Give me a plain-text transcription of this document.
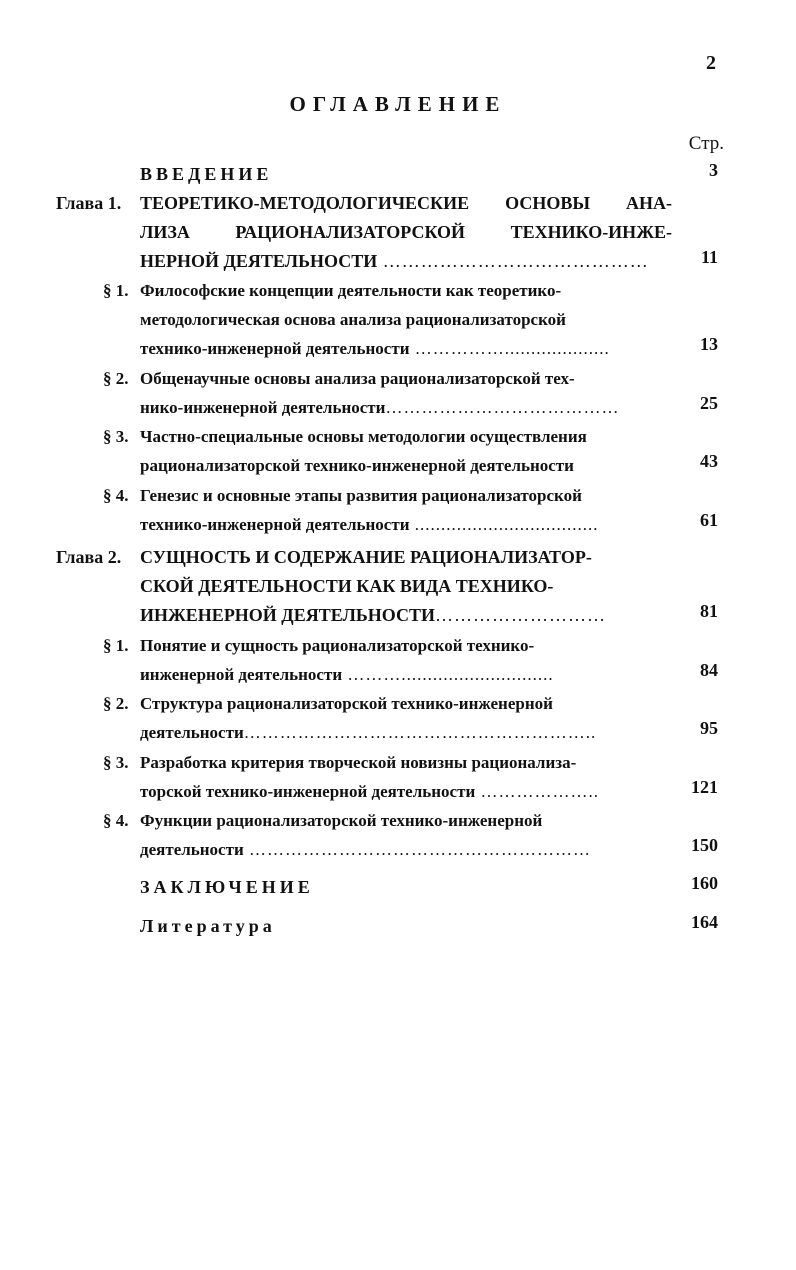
2
ОГЛАВЛЕНИЕ
Стр.
ВВЕДЕНИЕ	3
Глава 1. ТЕОРЕТИКО-МЕТОДОЛОГИЧЕСКИЕ ОСНОВЫ АНА-
ЛИЗА РАЦИОНАЛИЗАТОРСКОЙ ТЕХНИКО-ИНЖЕ-
НЕРНОЙ ДЕЯТЕЛЬНОСТИ ……………………………………	11
§ 1. Философские концепции деятельности как теоретико-
методологическая основа анализа рационализаторской
технико-инженерной деятельности ……………....................	13
§ 2. Общенаучные основы анализа рационализаторской тех-
нико-инженерной деятельности…………………………………	25
§ 3. Частно-специальные основы методологии осуществления
рационализаторской технико-инженерной деятельности	43
§ 4. Генезис и основные этапы развития рационализаторской
технико-инженерной деятельности ...................................	61
Глава 2. СУЩНОСТЬ И СОДЕРЖАНИЕ РАЦИОНАЛИЗАТОР-
СКОЙ ДЕЯТЕЛЬНОСТИ КАК ВИДА ТЕХНИКО-
ИНЖЕНЕРНОЙ ДЕЯТЕЛЬНОСТИ………………………	81
§ 1. Понятие и сущность рационализаторской технико-
инженерной деятельности ……….............................	84
§ 2. Структура рационализаторской технико-инженерной
деятельности…………………………………………………..	95
§ 3. Разработка критерия творческой новизны рационализа-
торской технико-инженерной деятельности ………………..	121
§ 4. Функции рационализаторской технико-инженерной
деятельности …………………………………………………	150
ЗАКЛЮЧЕНИЕ	160
Литература	164
